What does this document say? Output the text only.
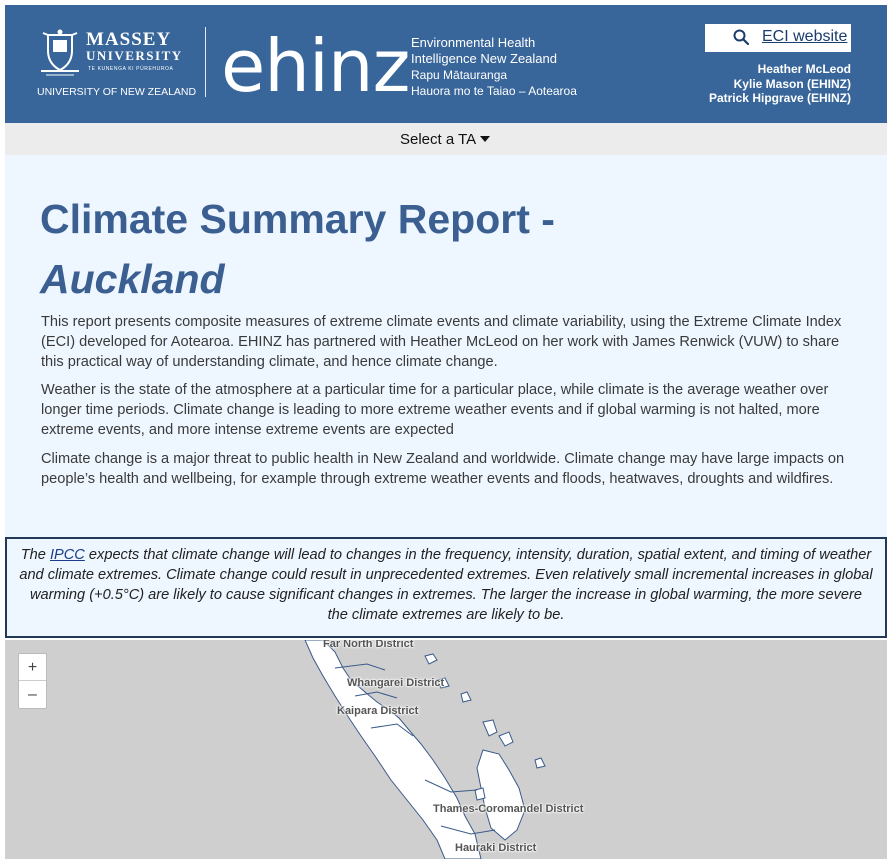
MASSEY
UNIVERSITY
TE KUNENGA KI PŪREHUROA
UNIVERSITY OF NEW ZEALAND ehinz Environmental Health
Intelligence New Zealand
Rapu Mātauranga
Hauora mo te Taiao – Aotearoa
ECI website
Heather McLeod
Kylie Mason (EHINZ)
Patrick Hipgrave (EHINZ)
Select a TA
Climate Summary Report -
Auckland

This report presents composite measures of extreme climate events and climate variability, using the Extreme Climate Index (ECI) developed for Aotearoa. EHINZ has partnered with Heather McLeod on her work with James Renwick (VUW) to share this practical way of understanding climate, and hence climate change.

Weather is the state of the atmosphere at a particular time for a particular place, while climate is the average weather over longer time periods. Climate change is leading to more extreme weather events and if global warming is not halted, more extreme events, and more intense extreme events are expected

Climate change is a major threat to public health in New Zealand and worldwide. Climate change may have large impacts on people’s health and wellbeing, for example through extreme weather events and floods, heatwaves, droughts and wildfires.

The IPCC expects that climate change will lead to changes in the frequency, intensity, duration, spatial extent, and timing of weather and climate extremes. Climate change could result in unprecedented extremes. Even relatively small incremental increases in global warming (+0.5°C) are likely to cause significant changes in extremes. The larger the increase in global warming, the more severe the climate extremes are likely to be.
+
–
Far North District
Whangarei District
Kaipara District
Thames-Coromandel District
Hauraki District
